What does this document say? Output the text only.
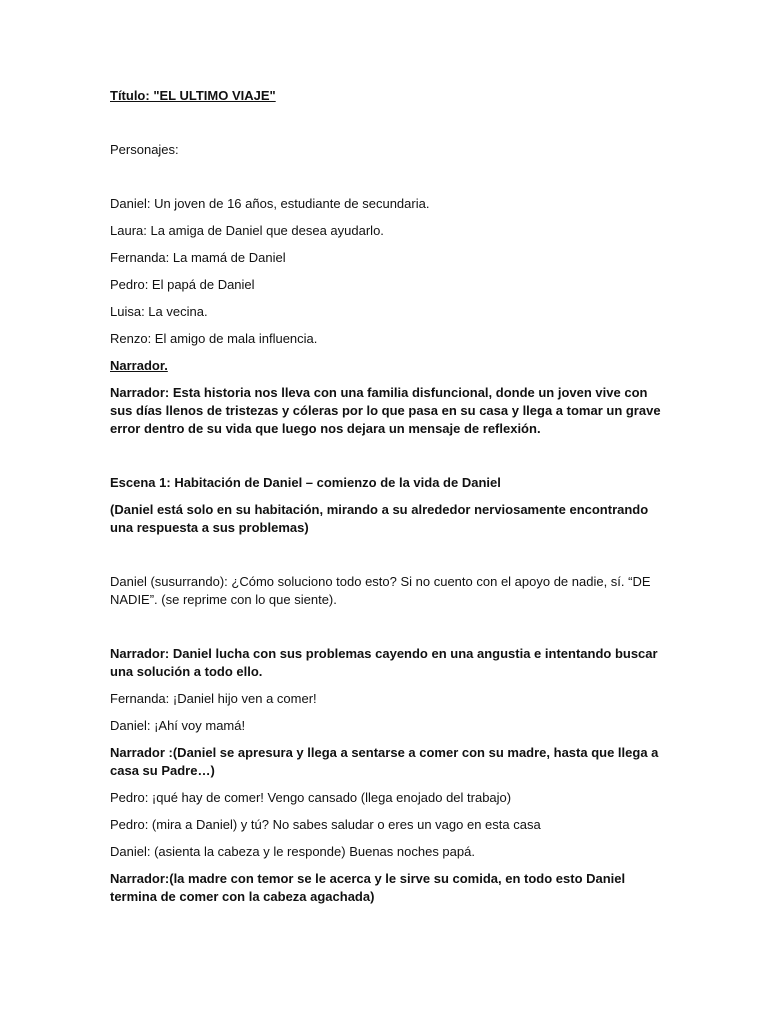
Título: "EL ULTIMO VIAJE"

Personajes:

Daniel: Un joven de 16 años, estudiante de secundaria.

Laura: La amiga de Daniel que desea ayudarlo.

Fernanda: La mamá de Daniel

Pedro: El papá de Daniel

Luisa: La vecina.

Renzo: El amigo de mala influencia.

Narrador.

Narrador: Esta historia nos lleva con una familia disfuncional, donde un joven vive con sus días llenos de tristezas y cóleras por lo que pasa en su casa y llega a tomar un grave error dentro de su vida que luego nos dejara un mensaje de reflexión.

Escena 1: Habitación de Daniel – comienzo de la vida de Daniel

(Daniel está solo en su habitación, mirando a su alrededor nerviosamente encontrando una respuesta a sus problemas)

Daniel (susurrando): ¿Cómo soluciono todo esto? Si no cuento con el apoyo de nadie, sí. “DE NADIE”. (se reprime con lo que siente).

Narrador: Daniel lucha con sus problemas cayendo en una angustia e intentando buscar una solución a todo ello.

Fernanda: ¡Daniel hijo ven a comer!

Daniel: ¡Ahí voy mamá!

Narrador :(Daniel se apresura y llega a sentarse a comer con su madre, hasta que llega a casa su Padre…)

Pedro: ¡qué hay de comer! Vengo cansado (llega enojado del trabajo)

Pedro: (mira a Daniel) y tú? No sabes saludar o eres un vago en esta casa

Daniel: (asienta la cabeza y le responde) Buenas noches papá.

Narrador:(la madre con temor se le acerca y le sirve su comida, en todo esto Daniel termina de comer con la cabeza agachada)
